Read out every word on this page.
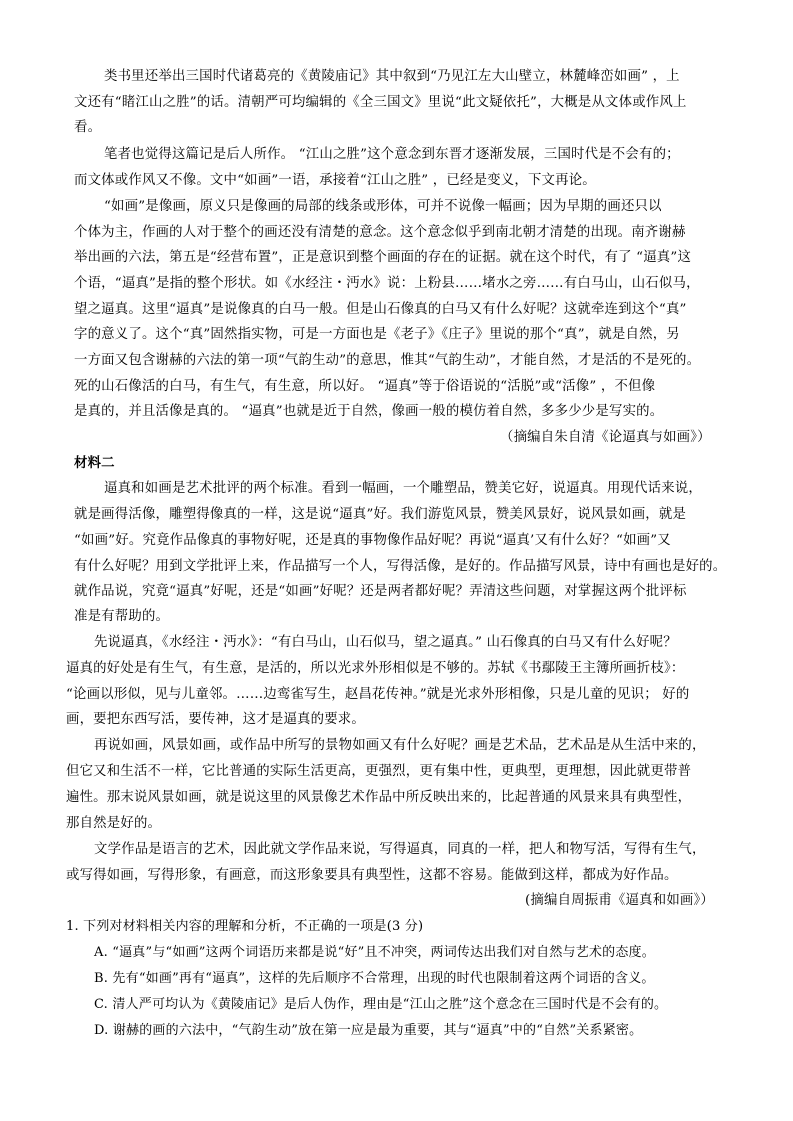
类书里还举出三国时代诸葛亮的《黄陵庙记》其中叙到“乃见江左大山壁立，林麓峰峦如画” ，上
文还有“睹江山之胜”的话。清朝严可均编辑的《全三国文》里说“此文疑依托”，大概是从文体或作风上
看。
笔者也觉得这篇记是后人所作。 “江山之胜”这个意念到东晋才逐渐发展，三国时代是不会有的；
而文体或作风又不像。文中“如画”一语，承接着“江山之胜” ，已经是变义，下文再论。
“如画”是像画，原义只是像画的局部的线条或形体，可并不说像一幅画；因为早期的画还只以
个体为主，作画的人对于整个的画还没有清楚的意念。这个意念似乎到南北朝才清楚的出现。南齐谢赫
举出画的六法，第五是“经营布置”，正是意识到整个画面的存在的证据。就在这个时代，有了 “逼真”这
个语，“逼真”是指的整个形状。如《水经注・沔水》说：上粉县……堵水之旁……有白马山，山石似马，
望之逼真。这里“逼真”是说像真的白马一般。但是山石像真的白马又有什么好呢？这就牵连到这个“真”
字的意义了。这个“真”固然指实物，可是一方面也是《老子》《庄子》里说的那个“真”，就是自然，另
一方面又包含谢赫的六法的第一项“气韵生动”的意思，惟其“气韵生动”，才能自然，才是活的不是死的。
死的山石像活的白马，有生气，有生意，所以好。 “逼真”等于俗语说的“活脱”或“活像” ，不但像
是真的，并且活像是真的。 “逼真”也就是近于自然，像画一般的模仿着自然，多多少少是写实的。
（摘编自朱自清《论逼真与如画》）
材料二
逼真和如画是艺术批评的两个标准。看到一幅画，一个雕塑品，赞美它好，说逼真。用现代话来说，
就是画得活像，雕塑得像真的一样，这是说“逼真”好。我们游览风景，赞美风景好，说风景如画，就是
“如画”好。究竟作品像真的事物好呢，还是真的事物像作品好呢？再说“逼真’又有什么好？“如画”又
有什么好呢？用到文学批评上来，作品描写一个人，写得活像，是好的。作品描写风景，诗中有画也是好的。
就作品说，究竟“逼真”好呢，还是“如画”好呢？还是两者都好呢？弄清这些问题，对掌握这两个批评标
准是有帮助的。
先说逼真，《水经注・沔水》：“有白马山，山石似马，望之逼真。” 山石像真的白马又有什么好呢？
逼真的好处是有生气，有生意，是活的，所以光求外形相似是不够的。苏轼《书鄢陵王主簿所画折枝》：
“论画以形似，见与儿童邻。……边鸾雀写生，赵昌花传神。”就是光求外形相像，只是儿童的见识； 好的
画，要把东西写活，要传神，这才是逼真的要求。
再说如画，风景如画，或作品中所写的景物如画又有什么好呢？画是艺术品，艺术品是从生活中来的，
但它又和生活不一样，它比普通的实际生活更高，更强烈，更有集中性，更典型，更理想，因此就更带普
遍性。那末说风景如画，就是说这里的风景像艺术作品中所反映出来的，比起普通的风景来具有典型性，
那自然是好的。
文学作品是语言的艺术，因此就文学作品来说，写得逼真，同真的一样，把人和物写活，写得有生气，
或写得如画，写得形象，有画意，而这形象要具有典型性，这都不容易。能做到这样，都成为好作品。
(摘编自周振甫《逼真和如画》）
1. 下列对材料相关内容的理解和分析，不正确的一项是(3 分)
A. “逼真”与“如画”这两个词语历来都是说“好”且不冲突，两词传达出我们对自然与艺术的态度。
B. 先有“如画”再有“逼真”，这样的先后顺序不合常理，出现的时代也限制着这两个词语的含义。
C. 清人严可均认为《黄陵庙记》是后人伪作，理由是“江山之胜”这个意念在三国时代是不会有的。
D. 谢赫的画的六法中，“气韵生动”放在第一应是最为重要，其与“逼真”中的“自然”关系紧密。
